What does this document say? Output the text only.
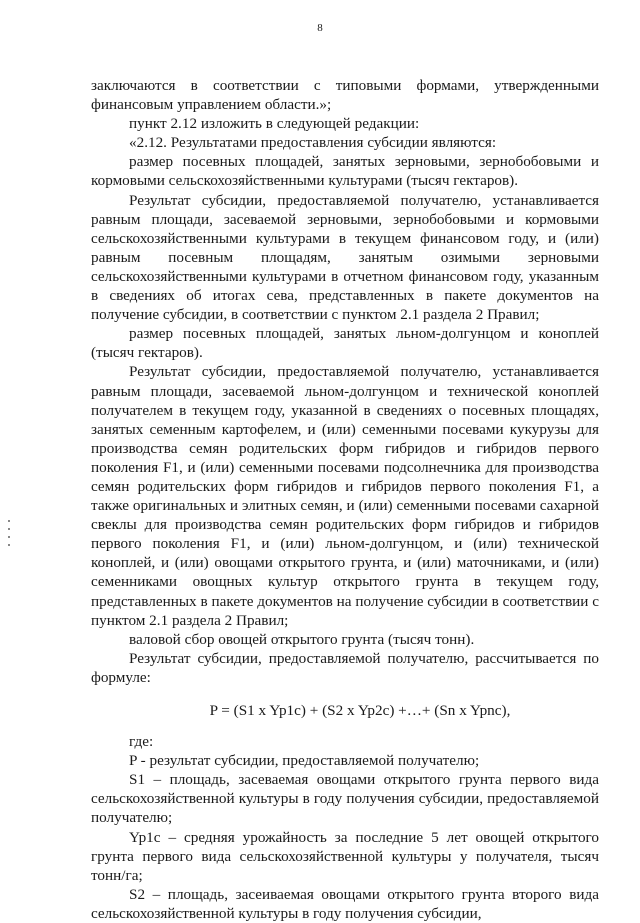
8

заключаются в соответствии с типовыми формами, утвержденными финансовым управлением области.»;

пункт 2.12 изложить в следующей редакции:

«2.12. Результатами предоставления субсидии являются:

размер посевных площадей, занятых зерновыми, зернобобовыми и кормовыми сельскохозяйственными культурами (тысяч гектаров).

Результат субсидии, предоставляемой получателю, устанавливается равным площади, засеваемой зерновыми, зернобобовыми и кормовыми сельскохозяйственными культурами в текущем финансовом году, и (или) равным посевным площадям, занятым озимыми зерновыми сельскохозяйственными культурами в отчетном финансовом году, указанным в сведениях об итогах сева, представленных в пакете документов на получение субсидии, в соответствии с пунктом 2.1 раздела 2 Правил;

размер посевных площадей, занятых льном-долгунцом и коноплей (тысяч гектаров).

Результат субсидии, предоставляемой получателю, устанавливается равным площади, засеваемой льном-долгунцом и технической коноплей получателем в текущем году, указанной в сведениях о посевных площадях, занятых семенным картофелем, и (или) семенными посевами кукурузы для производства семян родительских форм гибридов и гибридов первого поколения F1, и (или) семенными посевами подсолнечника для производства семян родительских форм гибридов и гибридов первого поколения F1, а также оригинальных и элитных семян, и (или) семенными посевами сахарной свеклы для производства семян родительских форм гибридов и гибридов первого поколения F1, и (или) льном-долгунцом, и (или) технической коноплей, и (или) овощами открытого грунта, и (или) маточниками, и (или) семенниками овощных культур открытого грунта в текущем году, представленных в пакете документов на получение субсидии в соответствии с пунктом 2.1 раздела 2 Правил;

валовой сбор овощей открытого грунта (тысяч тонн).

Результат субсидии, предоставляемой получателю, рассчитывается по формуле:

P = (S1 x Yp1c) + (S2 x Yp2c) +…+ (Sn x Ypnc),

где:

P - результат субсидии, предоставляемой получателю;

S1 – площадь, засеваемая овощами открытого грунта первого вида сельскохозяйственной культуры в году получения субсидии, предоставляемой получателю;

Yp1c – средняя урожайность за последние 5 лет овощей открытого грунта первого вида сельскохозяйственной культуры у получателя, тысяч тонн/га;

S2 – площадь, засеиваемая овощами открытого грунта второго вида сельскохозяйственной культуры в году получения субсидии,
